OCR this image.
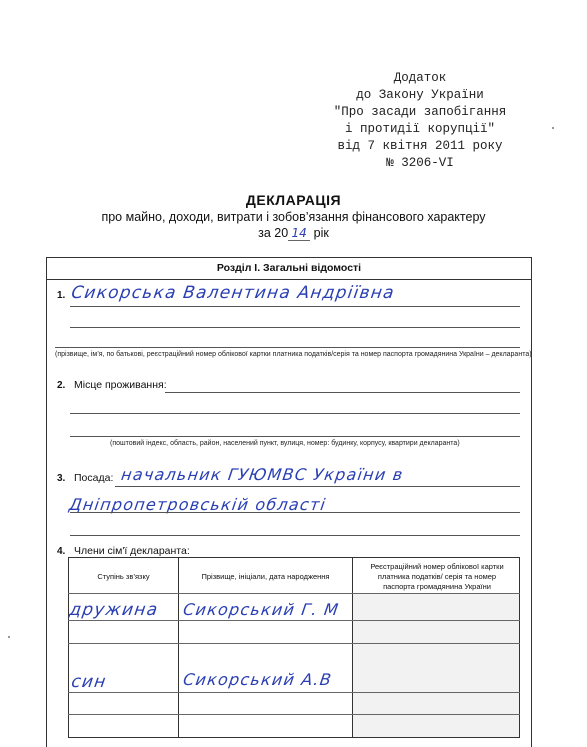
Додаток
до Закону України
"Про засади запобігання
і протидії корупції"
від 7 квітня 2011 року
№ 3206-VI
ДЕКЛАРАЦІЯ
про майно, доходи, витрати і зобов’язання фінансового характеру
за 20 14 рік
Розділ I. Загальні відомості
1. Сикорська Валентина Андріївна
(прізвище, ім’я, по батькові, реєстраційний номер облікової картки платника податків/серія та номер паспорта громадянина України – декларанта)
2. Місце проживання:
(поштовий індекс, область, район, населений пункт, вулиця, номер: будинку, корпусу, квартири декларанта)
3. Посада: начальник ГУЮМВС України в
Дніпропетровській області
4. Члени сім'ї декларанта:
Ступінь зв’язку	Прізвище, ініціали, дата народження
Реєстраційний номер облікової картки платника податків/ серія та номер паспорта громадянина України
дружина Сикорський Г. М
син	Сикорський А.В
